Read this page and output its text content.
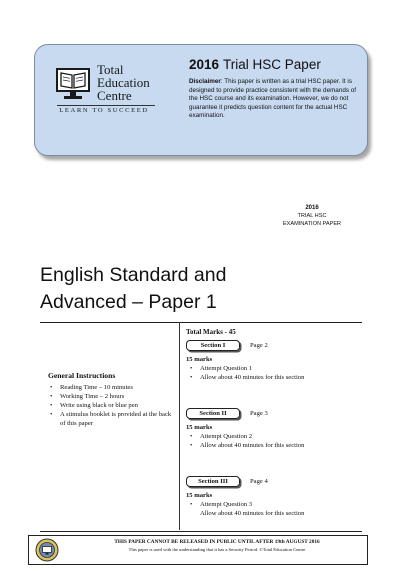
Total
Education
Centre
LEARN TO SUCCEED
2016 Trial HSC Paper
Disclaimer: This paper is written as a trial HSC paper. It is designed to provide practice consistent with the demands of the HSC course and its examination. However, we do not guarantee it predicts question content for the actual HSC examination.
2016
TRIAL HSC
EXAMINATION PAPER
English Standard and
Advanced – Paper 1
General Instructions
• Reading Time – 10 minutes
• Working Time – 2 hours
• Write using black or blue pen
• A stimulus booklet is provided at the back of this paper
Total Marks - 45
Section I	Page 2
15 marks
• Attempt Question 1
• Allow about 40 minutes for this section
Section II	Page 3
15 marks
• Attempt Question 2
• Allow about 40 minutes for this section
Section III	Page 4
15 marks
• Attempt Question 3
Allow about 40 minutes for this section
THIS PAPER CANNOT BE RELEASED IN PUBLIC UNTIL AFTER 19th AUGUST 2016
This paper is used with the understanding that it has a Security Period. ©Total Education Centre
